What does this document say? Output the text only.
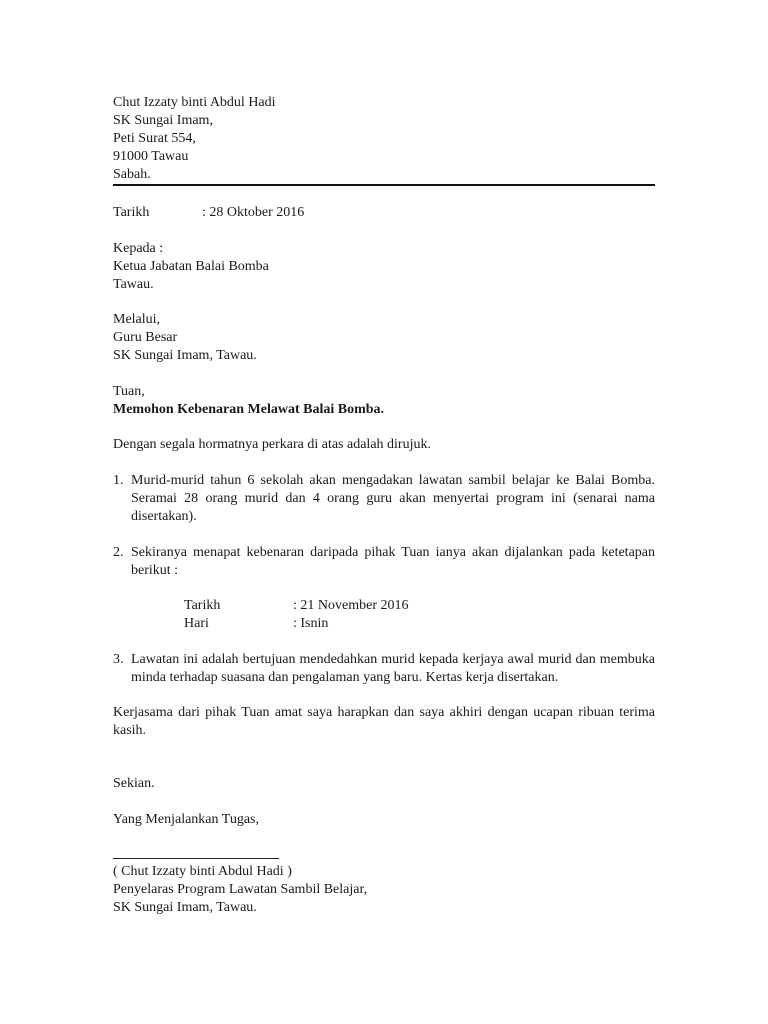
Chut Izzaty binti Abdul Hadi
SK Sungai Imam,
Peti Surat 554,
91000 Tawau
Sabah.
Tarikh	: 28 Oktober 2016
Kepada :
Ketua Jabatan Balai Bomba
Tawau.
Melalui,
Guru Besar
SK Sungai Imam, Tawau.
Tuan,
Memohon Kebenaran Melawat Balai Bomba.
Dengan segala hormatnya perkara di atas adalah dirujuk.
1. Murid-murid tahun 6 sekolah akan mengadakan lawatan sambil belajar ke Balai Bomba. Seramai 28 orang murid dan 4 orang guru akan menyertai program ini (senarai nama disertakan).
2. Sekiranya menapat kebenaran daripada pihak Tuan ianya akan dijalankan pada ketetapan berikut :
Tarikh	: 21 November 2016
Hari	: Isnin
3. Lawatan ini adalah bertujuan mendedahkan murid kepada kerjaya awal murid dan membuka minda terhadap suasana dan pengalaman yang baru. Kertas kerja disertakan.
Kerjasama dari pihak Tuan amat saya harapkan dan saya akhiri dengan ucapan ribuan terima kasih.
Sekian.
Yang Menjalankan Tugas,
( Chut Izzaty binti Abdul Hadi )
Penyelaras Program Lawatan Sambil Belajar,
SK Sungai Imam, Tawau.
